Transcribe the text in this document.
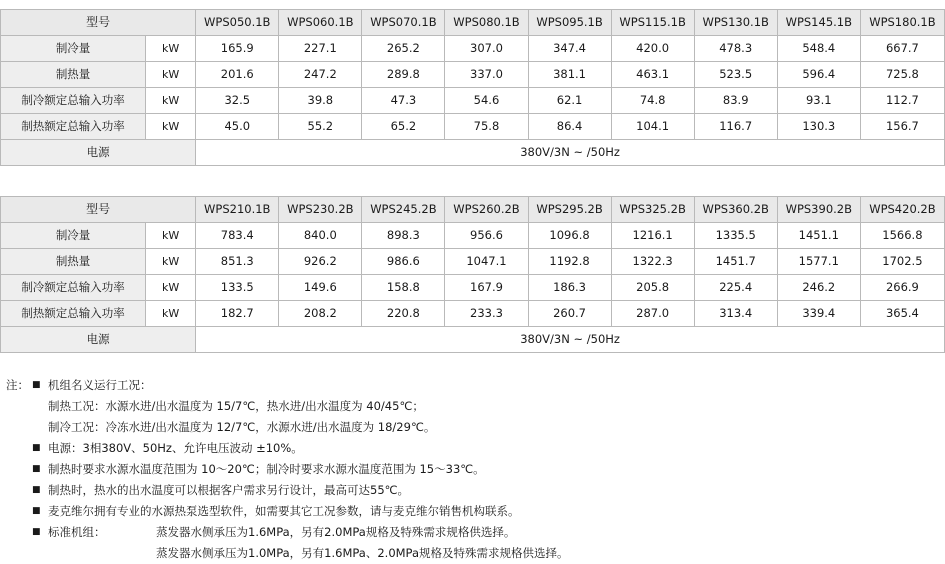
型号		WPS050.1B	WPS060.1B	WPS070.1B	WPS080.1B	WPS095.1B	WPS115.1B	WPS130.1B	WPS145.1B	WPS180.1B
制冷量	kW	165.9	227.1	265.2	307.0	347.4	420.0	478.3	548.4	667.7
制热量	kW	201.6	247.2	289.8	337.0	381.1	463.1	523.5	596.4	725.8
制冷额定总输入功率	kW	32.5	39.8	47.3	54.6	62.1	74.8	83.9	93.1	112.7
制热额定总输入功率	kW	45.0	55.2	65.2	75.8	86.4	104.1	116.7	130.3	156.7
电源		380V/3N ~ /50Hz								
型号		WPS210.1B	WPS230.2B	WPS245.2B	WPS260.2B	WPS295.2B	WPS325.2B	WPS360.2B	WPS390.2B	WPS420.2B
制冷量	kW	783.4	840.0	898.3	956.6	1096.8	1216.1	1335.5	1451.1	1566.8
制热量	kW	851.3	926.2	986.6	1047.1	1192.8	1322.3	1451.7	1577.1	1702.5
制冷额定总输入功率	kW	133.5	149.6	158.8	167.9	186.3	205.8	225.4	246.2	266.9
制热额定总输入功率	kW	182.7	208.2	220.8	233.3	260.7	287.0	313.4	339.4	365.4
电源		380V/3N ~ /50Hz								
注： ■ 机组名义运行工况：
制热工况： 水源水进/出水温度为 15/7℃，热水进/出水温度为 40/45℃；
制冷工况： 冷冻水进/出水温度为 12/7℃，水源水进/出水温度为 18/29℃。
■ 电源：3相380V、50Hz、允许电压波动 ±10%。
■ 制热时要求水源水温度范围为 10～20℃；制冷时要求水源水温度范围为 15～33℃。
■ 制热时，热水的出水温度可以根据客户需求另行设计，最高可达55℃。
■ 麦克维尔拥有专业的水源热泵选型软件，如需要其它工况参数，请与麦克维尔销售机构联系。
■ 标准机组：	蒸发器水侧承压为1.6MPa，另有2.0MPa规格及特殊需求规格供选择。
蒸发器水侧承压为1.0MPa，另有1.6MPa、2.0MPa规格及特殊需求规格供选择。
